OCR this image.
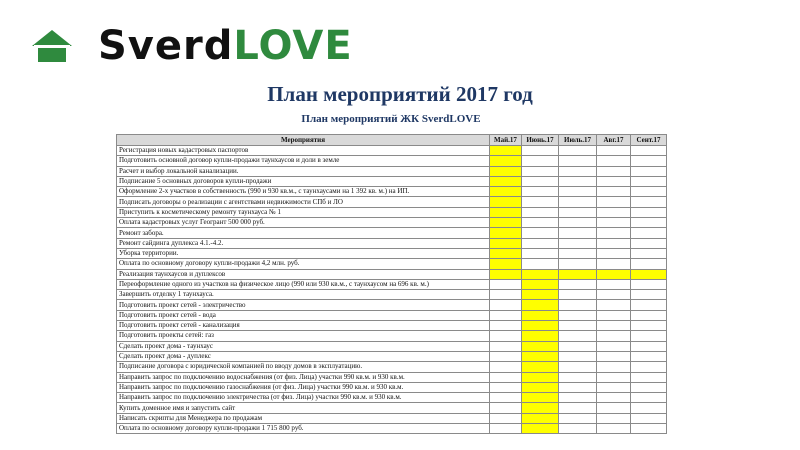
Sverd LOVE
План мероприятий 2017 год
План мероприятий ЖК SverdLOVE
Мероприятия	Май.17	Июнь.17	Июль.17	Авг.17	Сент.17
Регистрация новых кадастровых паспортов					
Подготовить основной договор купли-продажи таунхаусов и доли в земле					
Расчет и выбор локальной канализации.					
Подписание 5 основных договоров купли-продажи					
Оформление 2-х участков в собственность (990 и 930 кв.м., с таунхаусами на 1 392 кв. м.) на ИП.					
Подписать договоры о реализации с агентствами недвижимости СПб и ЛО					
Приступить к косметическому ремонту таунхауса № 1					
Оплата кадастровых услуг Геогрант 500 000 руб.					
Ремонт забора.					
Ремонт сайдинга дуплекса 4.1.-4.2.					
Уборка территории.					
Оплата по основному договору купли-продажи 4,2 млн. руб.					
Реализация таунхаусов и дуплексов					
Переоформление одного из участков на физическое лицо (990 или 930 кв.м., с таунхаусом на 696 кв. м.)					
Завершить отделку 1 таунхауса.					
Подготовить проект сетей - электричество					
Подготовить проект сетей - вода					
Подготовить проект сетей - канализация					
Подготовить проекты сетей: газ					
Сделать проект дома - таунхаус					
Сделать проект дома - дуплекс					
Подписание договора с юридической компанией по вводу домов в эксплуатацию.					
Направить запрос по подключению водоснабжения (от физ. Лица) участки 990 кв.м. и 930 кв.м.					
Направить запрос по подключению газоснабжения (от физ. Лица) участки 990 кв.м. и 930 кв.м.					
Направить запрос по подключению электричества (от физ. Лица) участки 990 кв.м. и 930 кв.м.					
Купить доменное имя и запустить сайт					
Написать скрипты для Менеджера по продажам					
Оплата по основному договору купли-продажи 1 715 800 руб.					
